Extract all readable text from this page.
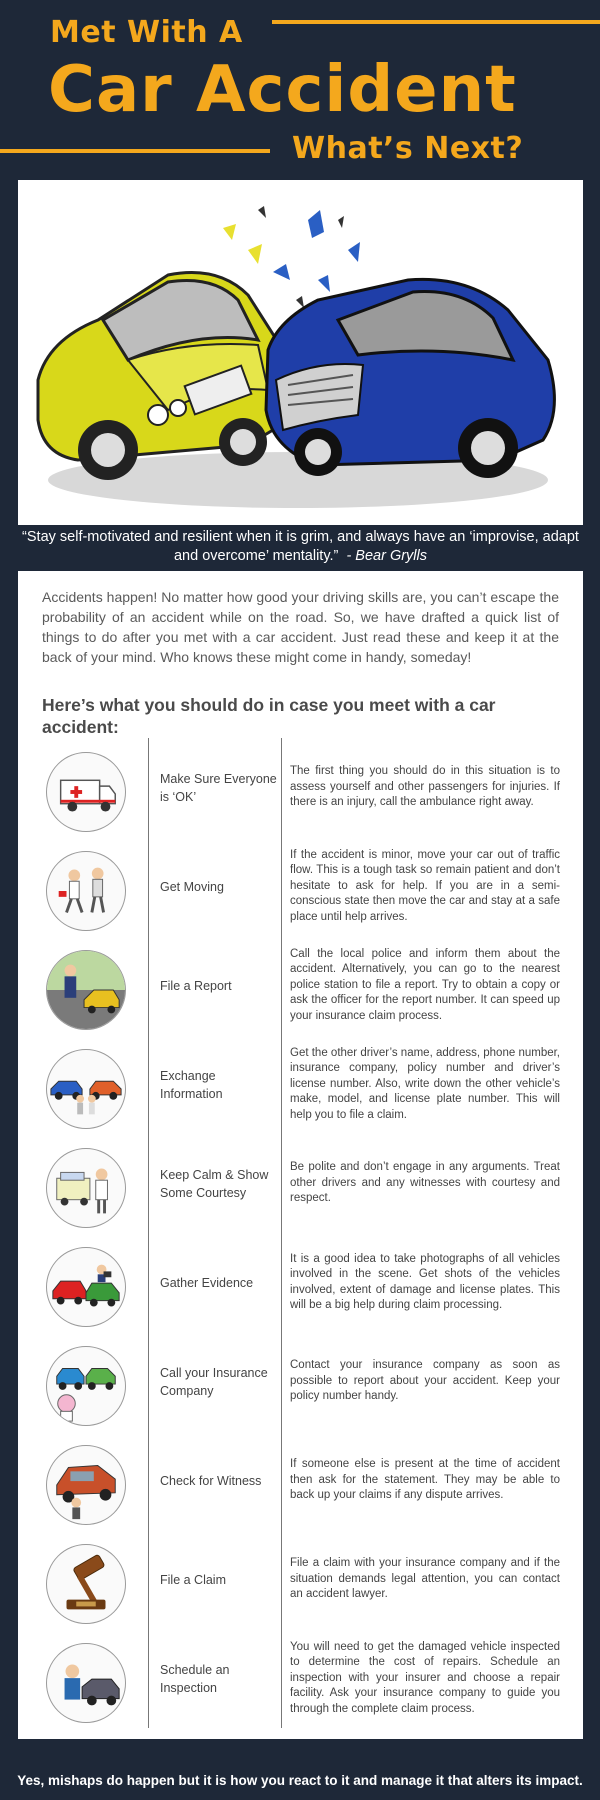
Met With A
Car Accident
What’s Next?
“Stay self-motivated and resilient when it is grim, and always have an ‘improvise, adapt and overcome’ mentality.” - Bear Grylls

Accidents happen! No matter how good your driving skills are, you can’t escape the probability of an accident while on the road. So, we have drafted a quick list of things to do after you met with a car accident. Just read these and keep it at the back of your mind. Who knows these might come in handy, someday!

Here’s what you should do in case you meet with a car accident:
Make Sure Everyone is ‘OK’
The first thing you should do in this situation is to assess yourself and other passengers for injuries. If there is an injury, call the ambulance right away.
Get Moving
If the accident is minor, move your car out of traffic flow. This is a tough task so remain patient and don’t hesitate to ask for help. If you are in a semi-conscious state then move the car and stay at a safe place until help arrives.
File a Report
Call the local police and inform them about the accident. Alternatively, you can go to the nearest police station to file a report. Try to obtain a copy or ask the officer for the report number. It can speed up your insurance claim process.
Exchange Information
Get the other driver’s name, address, phone number, insurance company, policy number and driver’s license number. Also, write down the other vehicle’s make, model, and license plate number. This will help you to file a claim.
Keep Calm & Show Some Courtesy
Be polite and don’t engage in any arguments. Treat other drivers and any witnesses with courtesy and respect.
Gather Evidence
It is a good idea to take photographs of all vehicles involved in the scene. Get shots of the vehicles involved, extent of damage and license plates. This will be a big help during claim processing.
Call your Insurance Company
Contact your insurance company as soon as possible to report about your accident. Keep your policy number handy.
Check for Witness
If someone else is present at the time of accident then ask for the statement. They may be able to back up your claims if any dispute arrives.
File a Claim
File a claim with your insurance company and if the situation demands legal attention, you can contact an accident lawyer.
Schedule an Inspection
You will need to get the damaged vehicle inspected to determine the cost of repairs. Schedule an inspection with your insurer and choose a repair facility. Ask your insurance company to guide you through the complete claim process.
Yes, mishaps do happen but it is how you react to it and manage it that alters its impact.
